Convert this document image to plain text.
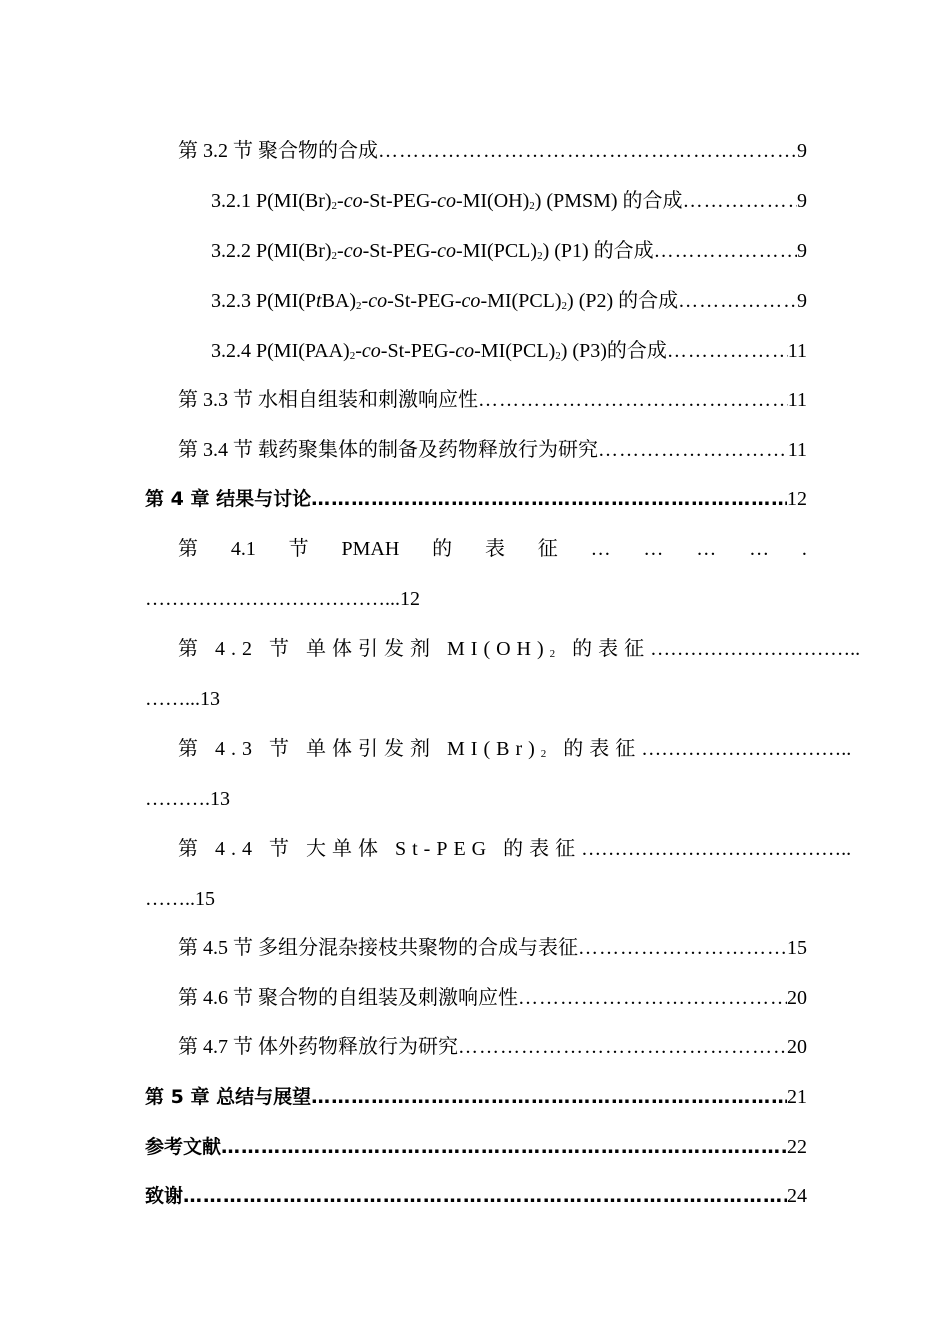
第 3.2 节 聚合物的合成 ……………………………………………………………………………………………………………………………………………………………………	9
3.2.1 $P(MI(Br)_2-co-St-PEG-co-MI(OH)_2)$ (PMSM) 的合成 ……………………………………………………………………………………………………………………………………………………………………	9
3.2.2 $P(MI(Br)_2-co-St-PEG-co-MI(PCL)_2)$ (P1) 的合成 ……………………………………………………………………………………………………………………………………………………………………	9
3.2.3 $P(MI(PtBA)_2-co-St-PEG-co-MI(PCL)_2)$ (P2) 的合成 ……………………………………………………………………………………………………………………………………………………………………	9
3.2.4 $P(MI(PAA)_2-co-St-PEG-co-MI(PCL)_2)$ (P3)的合成 ……………………………………………………………………………………………………………………………………………………………………	11
第 3.3 节 水相自组装和刺激响应性 ……………………………………………………………………………………………………………………………………………………………………	11
第 3.4 节 载药聚集体的制备及药物释放行为研究 ……………………………………………………………………………………………………………………………………………………………………	11
第 4 章 结果与讨论 ……………………………………………………………………………………………………………………………………………………………………	12
第 4.1 节 PMAH 的 表 征 … … … … .
………………………………...12
第 4.2 节 单体引发剂 $MI(OH)_2$ 的表征 …………………………..
……...13
第 4.3 节 单体引发剂 $MI(Br)_2$ 的表征 …………………………..
……….13
第 4.4 节 大单体 St-PEG 的表征 …………………………………..
……..15
第 4.5 节 多组分混杂接枝共聚物的合成与表征 ……………………………………………………………………………………………………………………………………………………………………	15
第 4.6 节 聚合物的自组装及刺激响应性 ……………………………………………………………………………………………………………………………………………………………………	20
第 4.7 节 体外药物释放行为研究 ……………………………………………………………………………………………………………………………………………………………………	20
第 5 章 总结与展望 ……………………………………………………………………………………………………………………………………………………………………	21
参考文献 ……………………………………………………………………………………………………………………………………………………………………	22
致谢 ……………………………………………………………………………………………………………………………………………………………………	24
